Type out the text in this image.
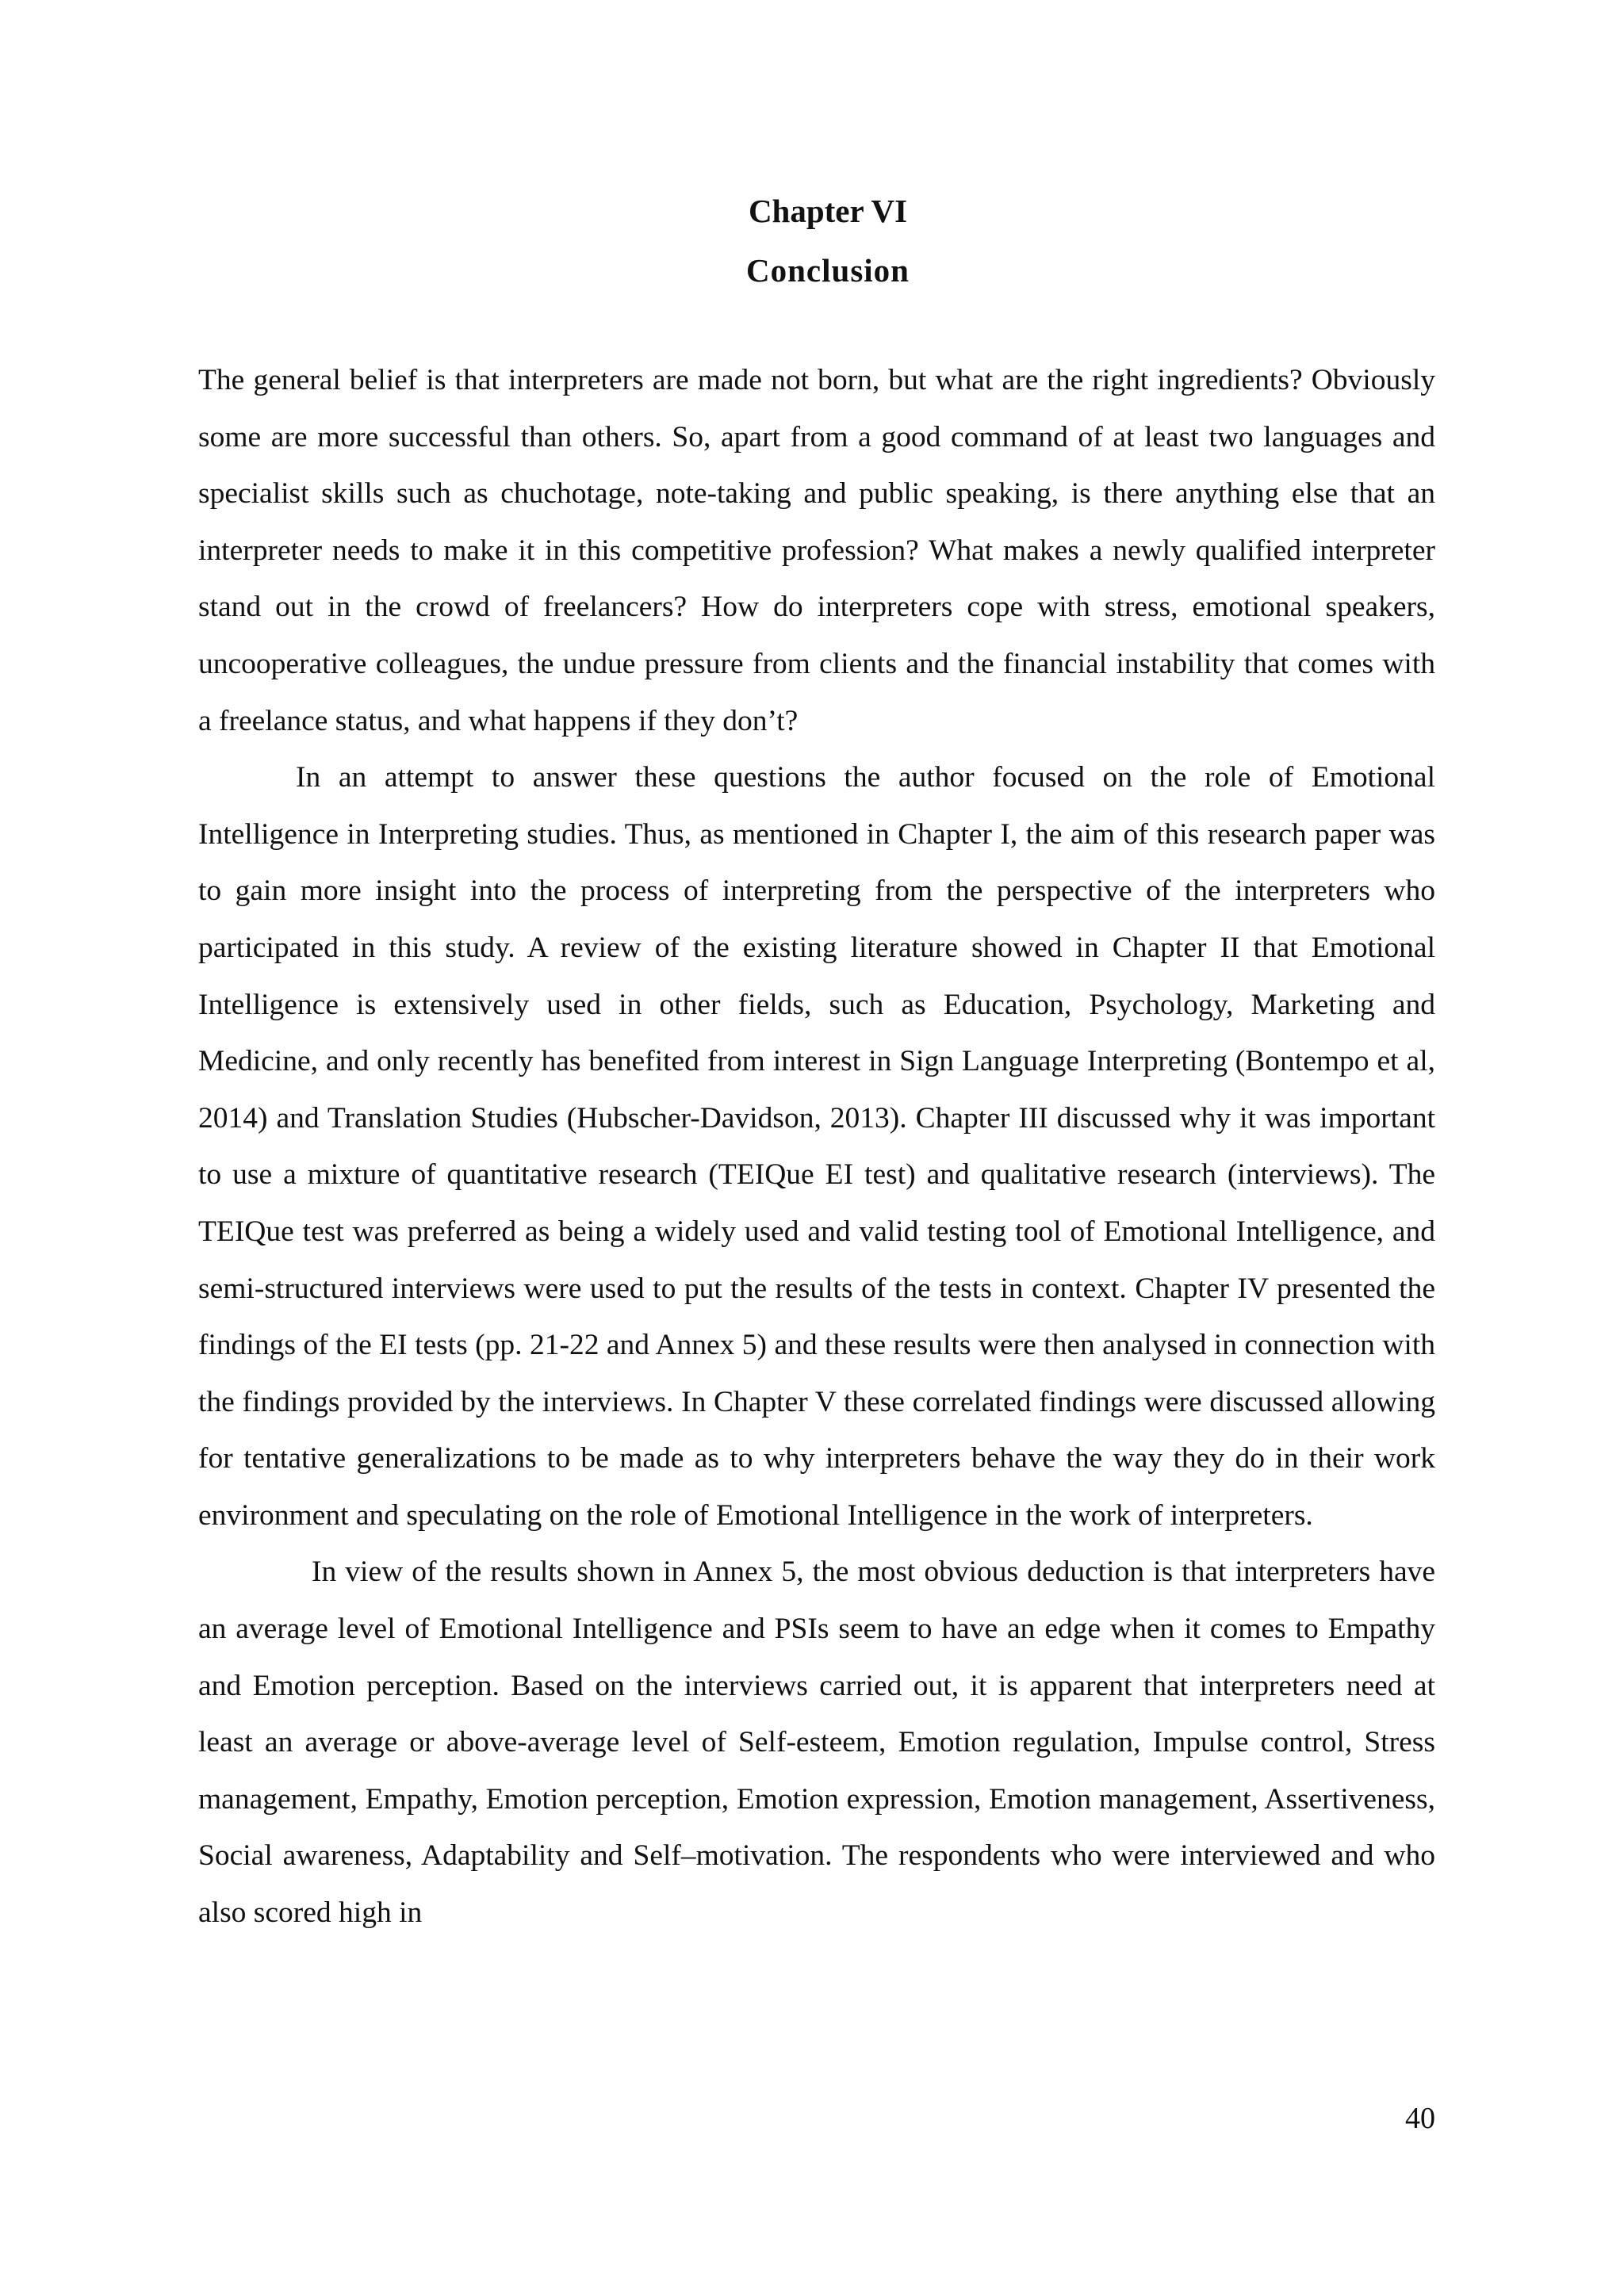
Chapter VI
Conclusion

The general belief is that interpreters are made not born, but what are the right ingredients? Obviously some are more successful than others. So, apart from a good command of at least two languages and specialist skills such as chuchotage, note-taking and public speaking, is there anything else that an interpreter needs to make it in this competitive profession? What makes a newly qualified interpreter stand out in the crowd of freelancers? How do interpreters cope with stress, emotional speakers, uncooperative colleagues, the undue pressure from clients and the financial instability that comes with a freelance status, and what happens if they don’t?

In an attempt to answer these questions the author focused on the role of Emotional Intelligence in Interpreting studies. Thus, as mentioned in Chapter I, the aim of this research paper was to gain more insight into the process of interpreting from the perspective of the interpreters who participated in this study. A review of the existing literature showed in Chapter II that Emotional Intelligence is extensively used in other fields, such as Education, Psychology, Marketing and Medicine, and only recently has benefited from interest in Sign Language Interpreting (Bontempo et al, 2014) and Translation Studies (Hubscher-Davidson, 2013). Chapter III discussed why it was important to use a mixture of quantitative research (TEIQue EI test) and qualitative research (interviews). The TEIQue test was preferred as being a widely used and valid testing tool of Emotional Intelligence, and semi-structured interviews were used to put the results of the tests in context. Chapter IV presented the findings of the EI tests (pp. 21-22 and Annex 5) and these results were then analysed in connection with the findings provided by the interviews. In Chapter V these correlated findings were discussed allowing for tentative generalizations to be made as to why interpreters behave the way they do in their work environment and speculating on the role of Emotional Intelligence in the work of interpreters.

In view of the results shown in Annex 5, the most obvious deduction is that interpreters have an average level of Emotional Intelligence and PSIs seem to have an edge when it comes to Empathy and Emotion perception. Based on the interviews carried out, it is apparent that interpreters need at least an average or above-average level of Self-esteem, Emotion regulation, Impulse control, Stress management, Empathy, Emotion perception, Emotion expression, Emotion management, Assertiveness, Social awareness, Adaptability and Self–motivation. The respondents who were interviewed and who also scored high in

40
